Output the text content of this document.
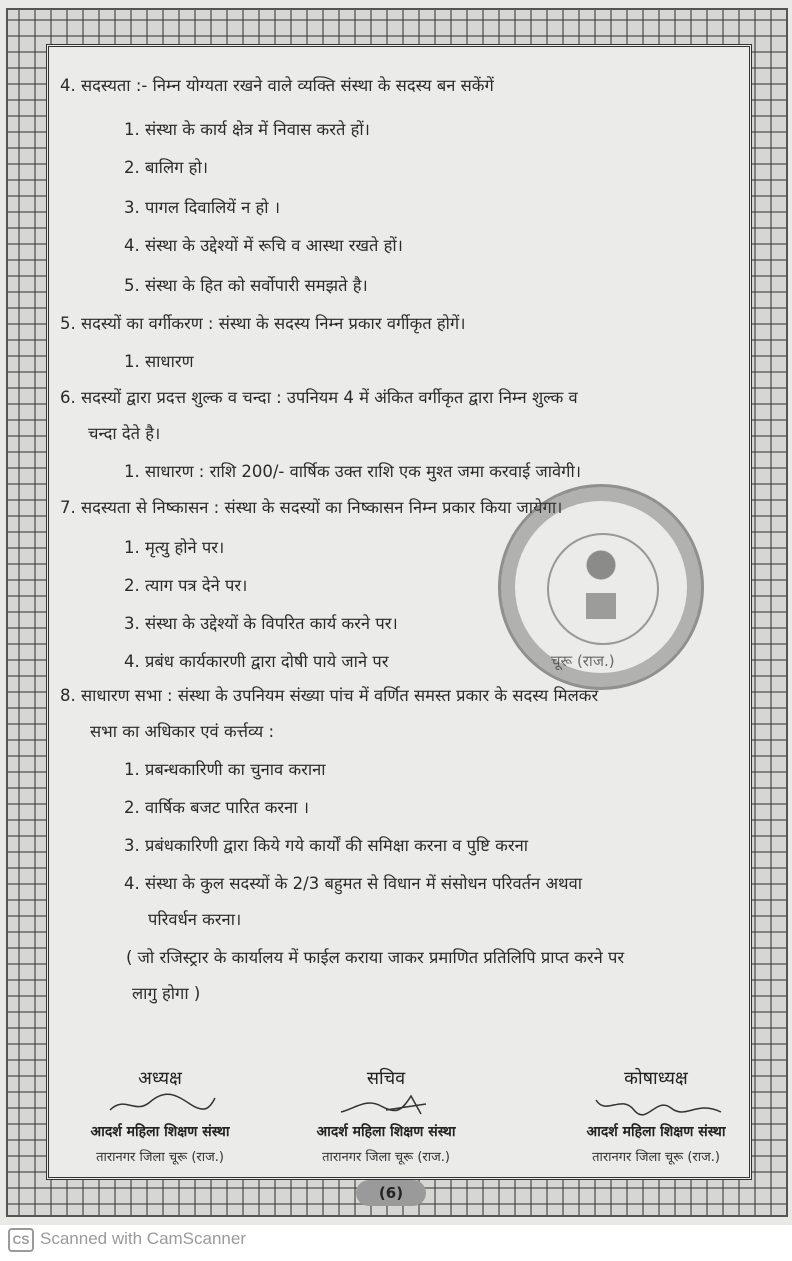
4. सदस्यता :- निम्न योग्यता रखने वाले व्यक्ति संस्था के सदस्य बन सकेंगें
1. संस्था के कार्य क्षेत्र में निवास करते हों।
2. बालिग हो।
3. पागल दिवालियें न हो ।
4. संस्था के उद्देश्यों में रूचि व आस्था रखते हों।
5. संस्था के हित को सर्वोपारी समझते है।
5. सदस्यों का वर्गीकरण : संस्था के सदस्य निम्न प्रकार वर्गीकृत होगें।
1. साधारण
6. सदस्यों द्वारा प्रदत्त शुल्क व चन्दा : उपनियम 4 में अंकित वर्गीकृत द्वारा निम्न शुल्क व
चन्दा देते है।
1. साधारण : राशि 200/- वार्षिक उक्त राशि एक मुश्त जमा करवाई जावेगी।
7. सदस्यता से निष्कासन : संस्था के सदस्यों का निष्कासन निम्न प्रकार किया जायेगा।
1. मृत्यु होने पर।
2. त्याग पत्र देने पर।
3. संस्था के उद्देश्यों के विपरित कार्य करने पर।
4. प्रबंध कार्यकारणी द्वारा दोषी पाये जाने पर
8. साधारण सभा : संस्था के उपनियम संख्या पांच में वर्णित समस्त प्रकार के सदस्य मिलकर
सभा का अधिकार एवं कर्त्तव्य :
1. प्रबन्धकारिणी का चुनाव कराना
2. वार्षिक बजट पारित करना ।
3. प्रबंधकारिणी द्वारा किये गये कार्यों की समिक्षा करना व पुष्टि करना
4. संस्था के कुल सदस्यों के 2/3 बहुमत से विधान में संसोधन परिवर्तन अथवा
परिवर्धन करना।
( जो रजिस्ट्रार के कार्यालय में फाईल कराया जाकर प्रमाणित प्रतिलिपि प्राप्त करने पर
लागु होगा )
चूरू (राज.)
अध्यक्ष
आदर्श महिला शिक्षण संस्था
तारानगर जिला चूरू (राज.)
सचिव
आदर्श महिला शिक्षण संस्था
तारानगर जिला चूरू (राज.)
कोषाध्यक्ष
आदर्श महिला शिक्षण संस्था
तारानगर जिला चूरू (राज.)
(6)
CS Scanned with CamScanner
